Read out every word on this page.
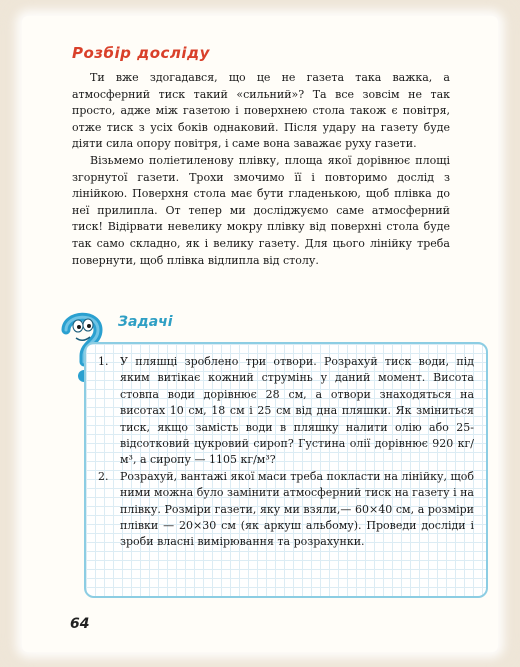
Розбір досліду

Ти вже здогадався, що це не газета така важка, а атмосферний тиск такий «сильний»? Та все зовсім не так просто, адже між газетою і поверхнею стола також є повітря, отже тиск з усіх боків однаковий. Після удару на газету буде діяти сила опору повітря, і саме вона заважає руху газети.

Візьмемо поліетиленову плівку, площа якої дорівнює площі згорнутої газети. Трохи змочимо її і повторимо дослід з лінійкою. Поверхня стола має бути гладенькою, щоб плівка до неї прилипла. От тепер ми досліджуємо саме атмосферний тиск! Відірвати невелику мокру плівку від поверхні стола буде так само складно, як і велику газету. Для цього лінійку треба повернути, щоб плівка відлипла від столу.

Задачі
1. У пляшці зроблено три отвори. Розрахуй тиск води, під яким витікає кожний струмінь у даний момент. Висота стовпа води дорівнює 28 см, а отвори знаходяться на висотах 10 см, 18 см і 25 см від дна пляшки. Як зміниться тиск, якщо замість води в пляшку налити олію або 25-відсотковий цукровий сироп? Густина олії дорівнює 920 кг/м³, а сиропу — 1105 кг/м³?
2. Розрахуй, вантажі якої маси треба покласти на лінійку, щоб ними можна було замінити атмосферний тиск на газету і на плівку. Розміри газети, яку ми взяли,— 60×40 см, а розміри плівки — 20×30 см (як аркуш альбому). Проведи досліди і зроби власні вимірювання та розрахунки.
64
